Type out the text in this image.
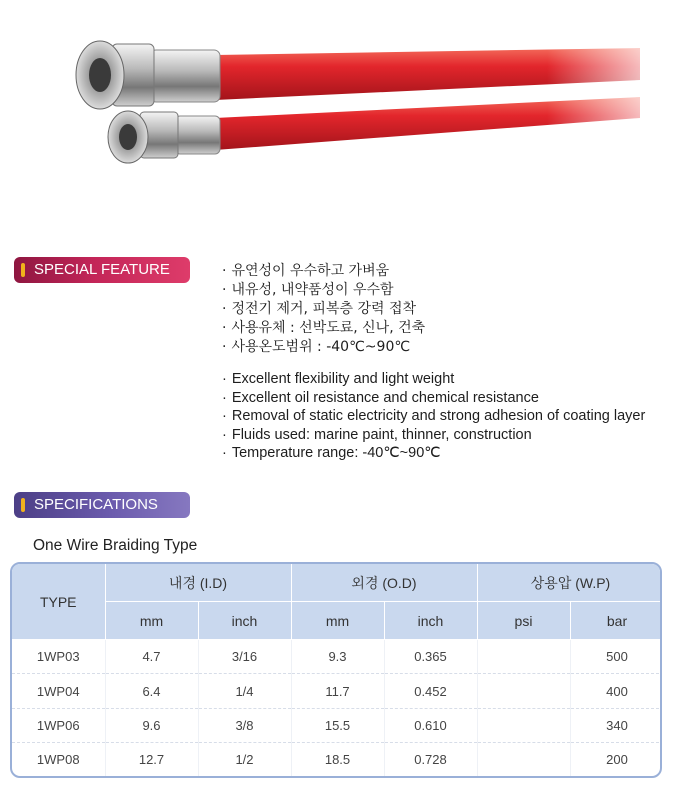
SPECIAL FEATURE	· 유연성이 우수하고 가벼움
· 내유성, 내약품성이 우수함
· 정전기 제거, 피복층 강력 접착
· 사용유체 : 선박도료, 신나, 건축
· 사용온도범위 : -40℃~90℃
· Excellent flexibility and light weight
· Excellent oil resistance and chemical resistance
· Removal of static electricity and strong adhesion of coating layer
· Fluids used: marine paint, thinner, construction
· Temperature range: -40℃~90℃
SPECIFICATIONS
One Wire Braiding Type
TYPE	내경 (I.D)		외경 (O.D)		상용압 (W.P)	
	mm	inch	mm	inch	psi	bar
1WP03	4.7	3/16	9.3	0.365		500
1WP04	6.4	1/4	11.7	0.452		400
1WP06	9.6	3/8	15.5	0.610		340
1WP08	12.7	1/2	18.5	0.728		200
